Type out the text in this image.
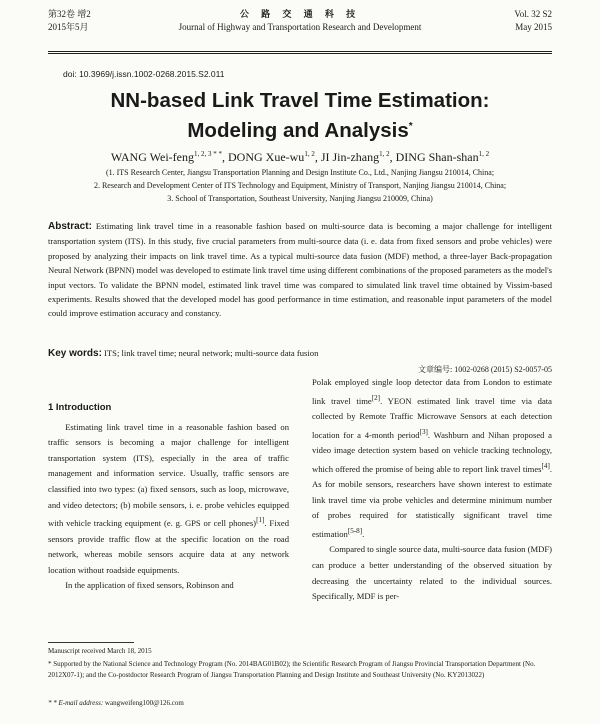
第32卷 增2
2015年5月
公 路 交 通 科 技
Journal of Highway and Transportation Research and Development
Vol. 32 S2
May 2015
doi: 10.3969/j.issn.1002-0268.2015.S2.011
NN-based Link Travel Time Estimation:
Modeling and Analysis*
WANG Wei-feng$^{1, 2, 3 * *}$, DONG Xue-wu$^{1, 2}$, JI Jin-zhang$^{1, 2}$, DING Shan-shan$^{1, 2}$
(1. ITS Research Center, Jiangsu Transportation Planning and Design Institute Co., Ltd., Nanjing Jiangsu 210014, China;
2. Research and Development Center of ITS Technology and Equipment, Ministry of Transport, Nanjing Jiangsu 210014, China;
3. School of Transportation, Southeast University, Nanjing Jiangsu 210009, China)
Abstract: Estimating link travel time in a reasonable fashion based on multi-source data is becoming a major challenge for intelligent transportation system (ITS). In this study, five crucial parameters from multi-source data (i. e. data from fixed sensors and probe vehicles) were proposed by analyzing their impacts on link travel time. As a typical multi-source data fusion (MDF) method, a three-layer Back-propagation Neural Network (BPNN) model was developed to estimate link travel time using different combinations of the proposed parameters as the model's input vectors. To validate the BPNN model, estimated link travel time was compared to simulated link travel time obtained by Vissim-based experiments. Results showed that the developed model has good performance in time estimation, and reasonable input parameters of the model could improve estimation accuracy and constancy.
Key words: ITS; link travel time; neural network; multi-source data fusion
文章编号: 1002-0268 (2015) S2-0057-05

1 Introduction

Estimating link travel time in a reasonable fashion based on traffic sensors is becoming a major challenge for intelligent transportation system (ITS), especially in the area of traffic management and information service. Usually, traffic sensors are classified into two types: (a) fixed sensors, such as loop, microwave, and video detectors; (b) mobile sensors, i. e. probe vehicles equipped with vehicle tracking equipment (e. g. GPS or cell phones)[1]. Fixed sensors provide traffic flow at the specific location on the road network, whereas mobile sensors acquire data at any network location without roadside equipments.

In the application of fixed sensors, Robinson and

Polak employed single loop detector data from London to estimate link travel time[2]. YEON estimated link travel time via data collected by Remote Traffic Microwave Sensors at each detection location for a 4-month period[3]. Washburn and Nihan proposed a video image detection system based on vehicle tracking technology, which offered the promise of being able to report link travel times[4]. As for mobile sensors, researchers have shown interest to estimate link travel time via probe vehicles and determine minimum number of probes required for statistically significant travel time estimation[5-8].

Compared to single source data, multi-source data fusion (MDF) can produce a better understanding of the observed situation by decreasing the uncertainty related to the individual sources. Specifically, MDF is per-

Manuscript received March 18, 2015
* Supported by the National Science and Technology Program (No. 2014BAG01B02); the Scientific Research Program of Jiangsu Provincial Transportation Department (No. 2012X07-1); and the Co-postdoctor Research Program of Jiangsu Transportation Planning and Design Institute and Southeast University (No. KY2013022)
* * E-mail address: wangweifeng100@126.com
